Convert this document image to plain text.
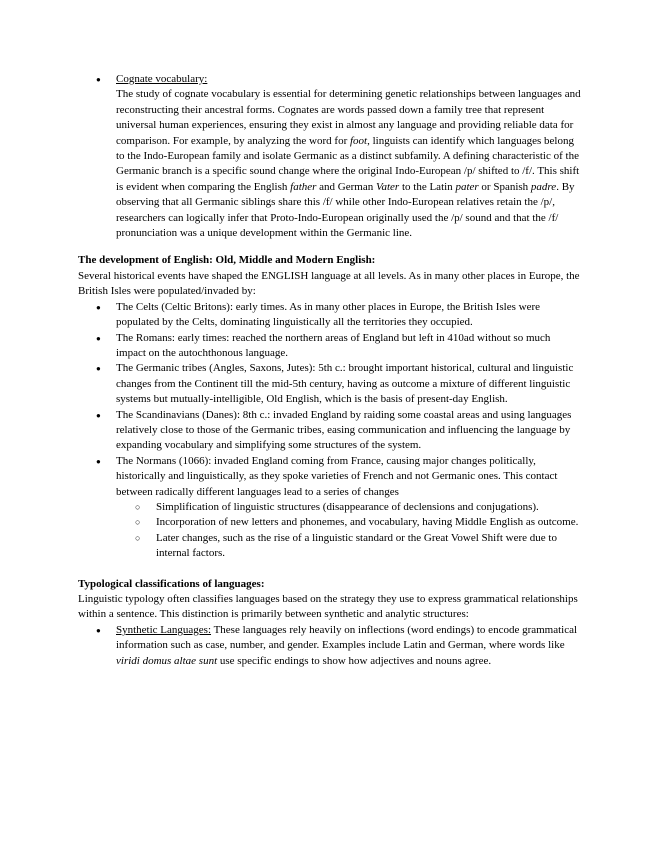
●	Cognate vocabulary:
The study of cognate vocabulary is essential for determining genetic relationships between languages and reconstructing their ancestral forms. Cognates are words passed down a family tree that represent universal human experiences, ensuring they exist in almost any language and providing reliable data for comparison. For example, by analyzing the word for foot, linguists can identify which languages belong to the Indo-European family and isolate Germanic as a distinct subfamily. A defining characteristic of the Germanic branch is a specific sound change where the original Indo-European /p/ shifted to /f/. This shift is evident when comparing the English father and German Vater to the Latin pater or Spanish padre. By observing that all Germanic siblings share this /f/ while other Indo-European relatives retain the /p/, researchers can logically infer that Proto-Indo-European originally used the /p/ sound and that the /f/ pronunciation was a unique development within the Germanic line.
The development of English: Old, Middle and Modern English:
Several historical events have shaped the ENGLISH language at all levels. As in many other places in Europe, the British Isles were populated/invaded by:
●	The Celts (Celtic Britons): early times. As in many other places in Europe, the British Isles were populated by the Celts, dominating linguistically all the territories they occupied.
●	The Romans: early times: reached the northern areas of England but left in 410ad without so much impact on the autochthonous language.
●	The Germanic tribes (Angles, Saxons, Jutes): 5th c.: brought important historical, cultural and linguistic changes from the Continent till the mid-5th century, having as outcome a mixture of different linguistic systems but mutually-intelligible, Old English, which is the basis of present-day English.
●	The Scandinavians (Danes): 8th c.: invaded England by raiding some coastal areas and using languages relatively close to those of the Germanic tribes, easing communication and influencing the language by expanding vocabulary and simplifying some structures of the system.
●	The Normans (1066): invaded England coming from France, causing major changes politically, historically and linguistically, as they spoke varieties of French and not Germanic ones. This contact between radically different languages lead to a series of changes
○ Simplification of linguistic structures (disappearance of declensions and conjugations).
○ Incorporation of new letters and phonemes, and vocabulary, having Middle English as outcome.
○ Later changes, such as the rise of a linguistic standard or the Great Vowel Shift were due to internal factors.
Typological classifications of languages:
Linguistic typology often classifies languages based on the strategy they use to express grammatical relationships within a sentence. This distinction is primarily between synthetic and analytic structures:
●	Synthetic Languages: These languages rely heavily on inflections (word endings) to encode grammatical information such as case, number, and gender. Examples include Latin and German, where words like viridi domus altae sunt use specific endings to show how adjectives and nouns agree.
